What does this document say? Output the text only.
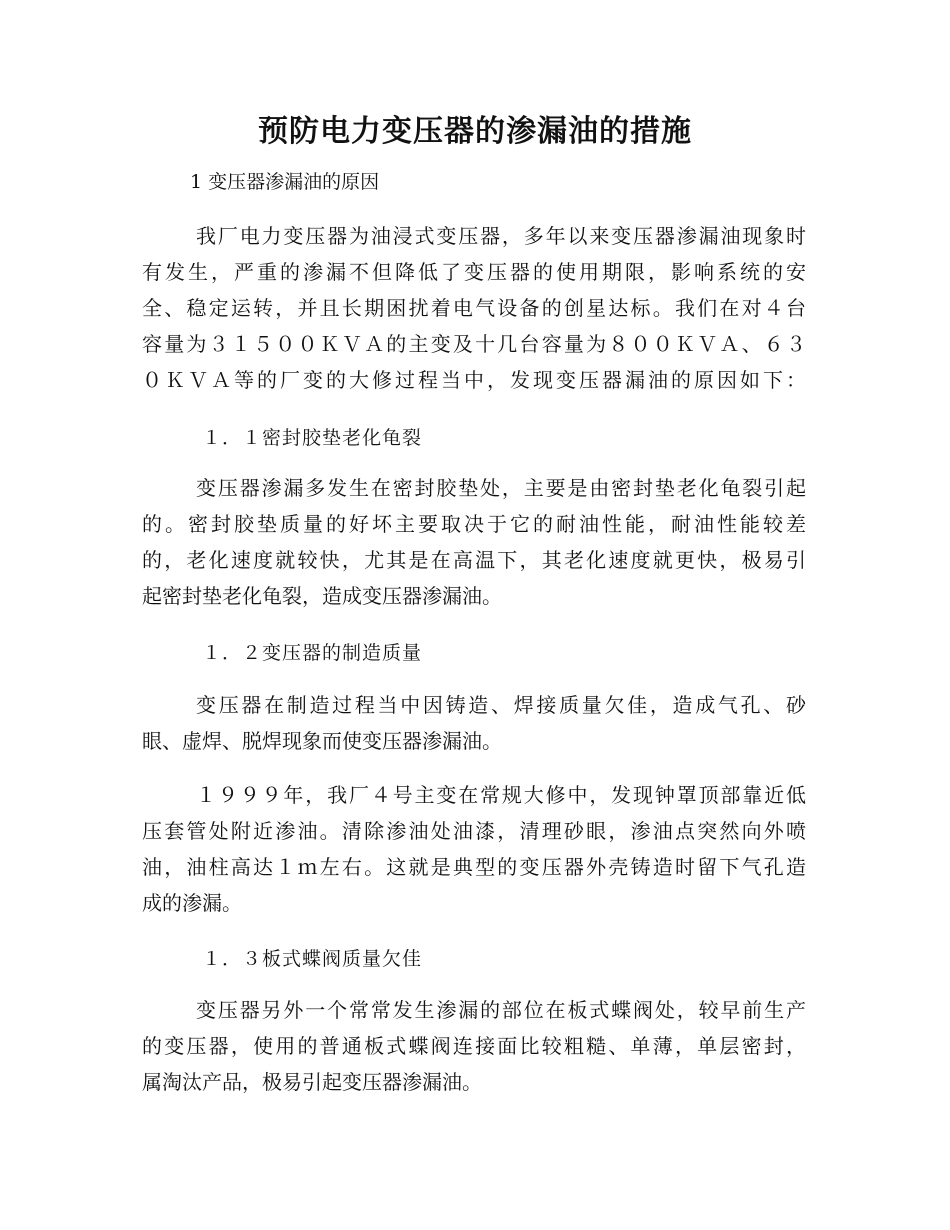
预防电力变压器的渗漏油的措施
1 变压器渗漏油的原因
我厂电力变压器为油浸式变压器，多年以来变压器渗漏油现象时
有发生，严重的渗漏不但降低了变压器的使用期限，影响系统的安
全、稳定运转，并且长期困扰着电气设备的创星达标。我们在对４台
容量为３１５００ＫＶＡ的主变及十几台容量为８００ＫＶＡ、６３
０ＫＶＡ等的厂变的大修过程当中，发现变压器漏油的原因如下：
１．１密封胶垫老化龟裂
变压器渗漏多发生在密封胶垫处，主要是由密封垫老化龟裂引起
的。密封胶垫质量的好坏主要取决于它的耐油性能，耐油性能较差
的，老化速度就较快，尤其是在高温下，其老化速度就更快，极易引
起密封垫老化龟裂，造成变压器渗漏油。
１．２变压器的制造质量
变压器在制造过程当中因铸造、焊接质量欠佳，造成气孔、砂
眼、虚焊、脱焊现象而使变压器渗漏油。
１９９９年，我厂４号主变在常规大修中，发现钟罩顶部靠近低
压套管处附近渗油。清除渗油处油漆，清理砂眼，渗油点突然向外喷
油，油柱高达１ｍ左右。这就是典型的变压器外壳铸造时留下气孔造
成的渗漏。
１．３板式蝶阀质量欠佳
变压器另外一个常常发生渗漏的部位在板式蝶阀处，较早前生产
的变压器，使用的普通板式蝶阀连接面比较粗糙、单薄，单层密封，
属淘汰产品，极易引起变压器渗漏油。
